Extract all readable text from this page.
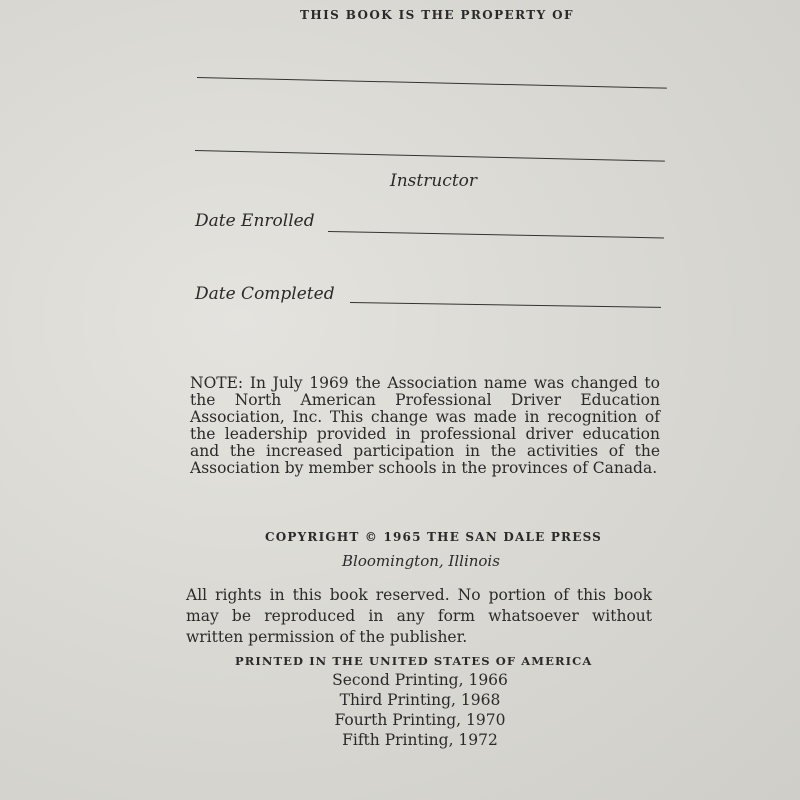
THIS BOOK IS THE PROPERTY OF
Instructor
Date Enrolled
Date Completed
NOTE: In July 1969 the Association name was changed to the North American Professional Driver Education Association, Inc. This change was made in recognition of the leadership provided in professional driver education and the increased participation in the activities of the Association by member schools in the provinces of Canada.
COPYRIGHT © 1965 THE SAN DALE PRESS
Bloomington, Illinois
All rights in this book reserved. No portion of this book may be reproduced in any form whatsoever without written permission of the publisher.
PRINTED IN THE UNITED STATES OF AMERICA
Second Printing, 1966
Third Printing, 1968
Fourth Printing, 1970
Fifth Printing, 1972
